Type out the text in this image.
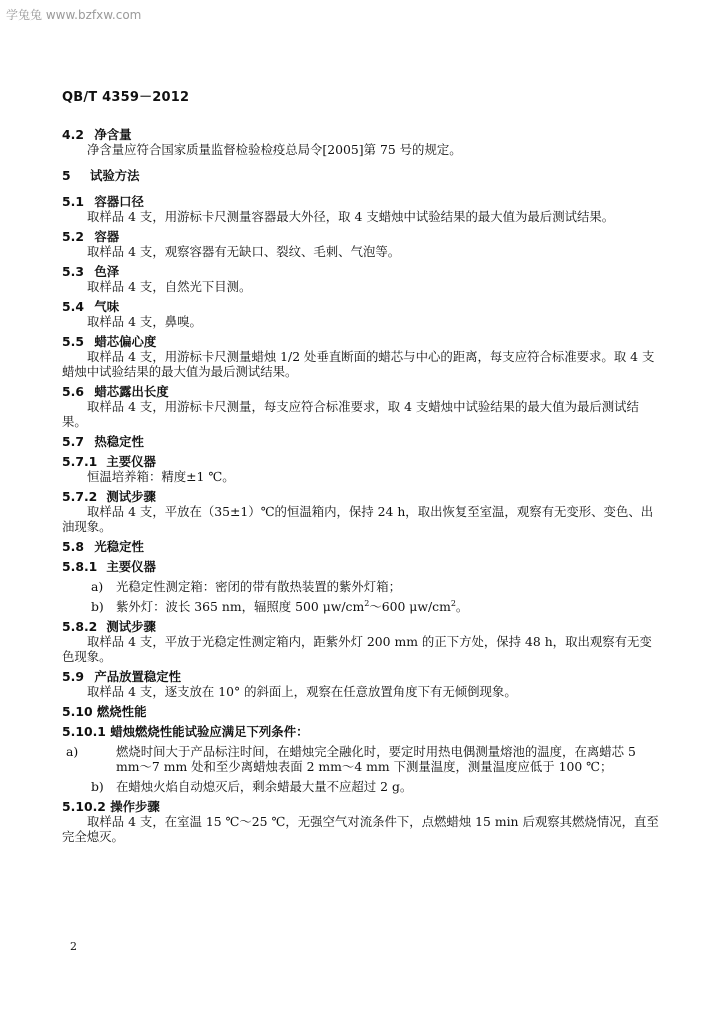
学兔兔 www.bzfxw.com
QB/T 4359－2012
4.2 净含量
净含量应符合国家质量监督检验检疫总局令[2005]第 75 号的规定。
5 试验方法
5.1 容器口径
取样品 4 支，用游标卡尺测量容器最大外径，取 4 支蜡烛中试验结果的最大值为最后测试结果。
5.2 容器
取样品 4 支，观察容器有无缺口、裂纹、毛刺、气泡等。
5.3 色泽
取样品 4 支，自然光下目测。
5.4 气味
取样品 4 支，鼻嗅。
5.5 蜡芯偏心度
取样品 4 支，用游标卡尺测量蜡烛 1/2 处垂直断面的蜡芯与中心的距离，每支应符合标准要求。取 4 支蜡烛中试验结果的最大值为最后测试结果。
5.6 蜡芯露出长度
取样品 4 支，用游标卡尺测量，每支应符合标准要求，取 4 支蜡烛中试验结果的最大值为最后测试结果。
5.7 热稳定性
5.7.1 主要仪器
恒温培养箱：精度±1 ℃。
5.7.2 测试步骤
取样品 4 支，平放在（35±1）℃的恒温箱内，保持 24 h，取出恢复至室温，观察有无变形、变色、出油现象。
5.8 光稳定性
5.8.1 主要仪器
a) 光稳定性测定箱：密闭的带有散热装置的紫外灯箱；
b) 紫外灯：波长 365 nm，辐照度 500 $\mu w/cm^2\sim 600$ $\mu w/cm^2$。
5.8.2 测试步骤
取样品 4 支，平放于光稳定性测定箱内，距紫外灯 200 mm 的正下方处，保持 48 h，取出观察有无变色现象。
5.9 产品放置稳定性
取样品 4 支，逐支放在 10° 的斜面上，观察在任意放置角度下有无倾倒现象。
5.10 燃烧性能
5.10.1 蜡烛燃烧性能试验应满足下列条件：
a)	燃烧时间大于产品标注时间，在蜡烛完全融化时，要定时用热电偶测量熔池的温度，在离蜡芯 5 mm～7 mm 处和至少离蜡烛表面 2 mm～4 mm 下测量温度，测量温度应低于 100 ℃；
b) 在蜡烛火焰自动熄灭后，剩余蜡最大量不应超过 2 g。
5.10.2 操作步骤
取样品 4 支，在室温 15 ℃～25 ℃，无强空气对流条件下，点燃蜡烛 15 min 后观察其燃烧情况，直至完全熄灭。
2
